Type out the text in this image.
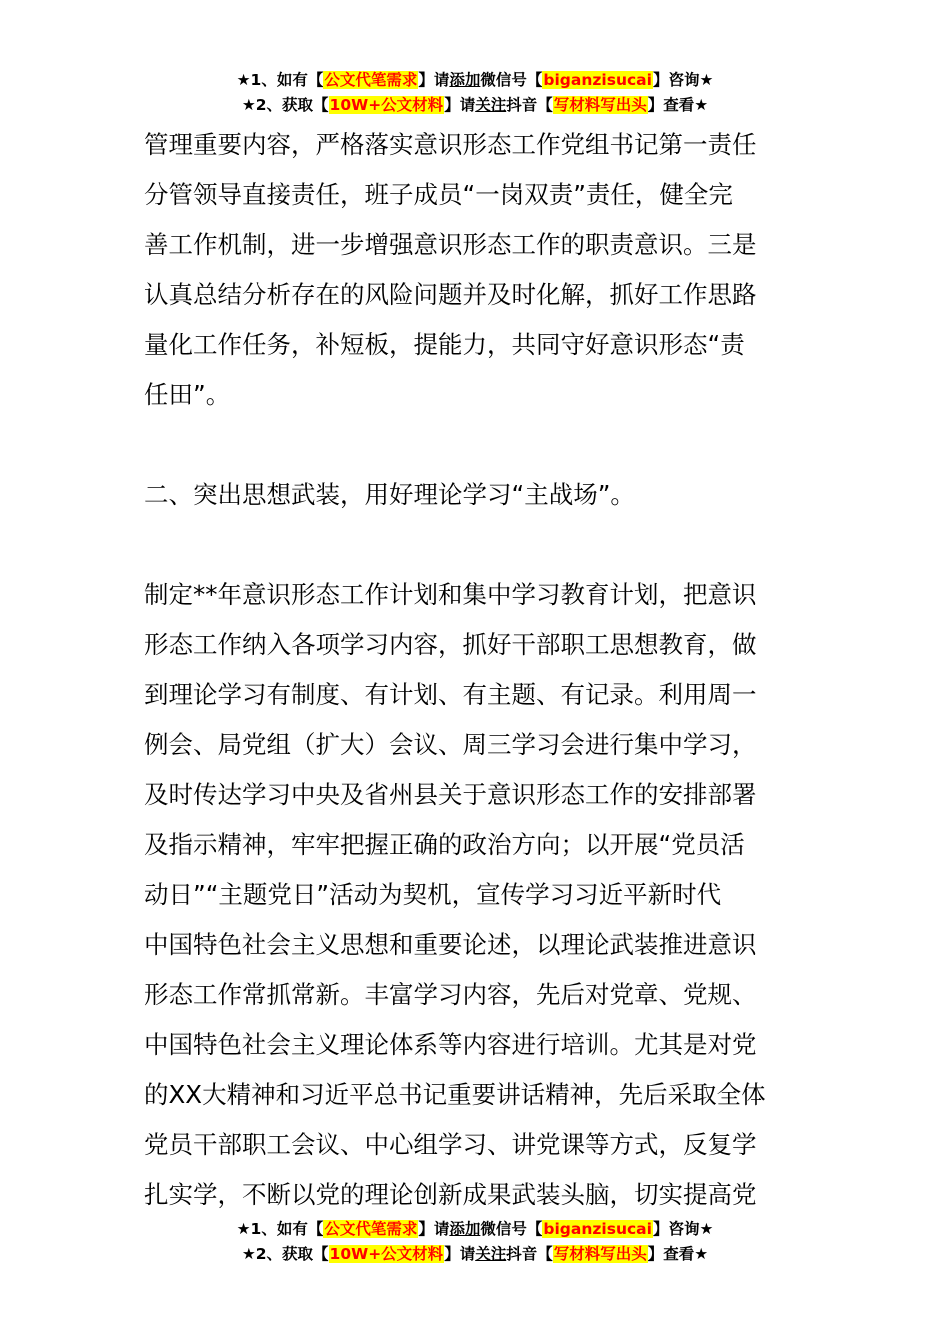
★1、如有【公文代笔需求】请添加微信号【biganzisucai】咨询★
★2、获取【10W+公文材料】请关注抖音【写材料写出头】查看★
管理重要内容，严格落实意识形态工作党组书记第一责任
分管领导直接责任，班子成员“一岗双责”责任，健全完
善工作机制，进一步增强意识形态工作的职责意识。三是
认真总结分析存在的风险问题并及时化解，抓好工作思路
量化工作任务，补短板，提能力，共同守好意识形态“责
任田”。
二、突出思想武装，用好理论学习“主战场”。
制定**年意识形态工作计划和集中学习教育计划，把意识
形态工作纳入各项学习内容，抓好干部职工思想教育，做
到理论学习有制度、有计划、有主题、有记录。利用周一
例会、局党组（扩大）会议、周三学习会进行集中学习，
及时传达学习中央及省州县关于意识形态工作的安排部署
及指示精神，牢牢把握正确的政治方向；以开展“党员活
动日”“主题党日”活动为契机，宣传学习习近平新时代
中国特色社会主义思想和重要论述，以理论武装推进意识
形态工作常抓常新。丰富学习内容，先后对党章、党规、
中国特色社会主义理论体系等内容进行培训。尤其是对党
的XX大精神和习近平总书记重要讲话精神，先后采取全体
党员干部职工会议、中心组学习、讲党课等方式，反复学
扎实学，不断以党的理论创新成果武装头脑，切实提高党
★1、如有【公文代笔需求】请添加微信号【biganzisucai】咨询★
★2、获取【10W+公文材料】请关注抖音【写材料写出头】查看★
